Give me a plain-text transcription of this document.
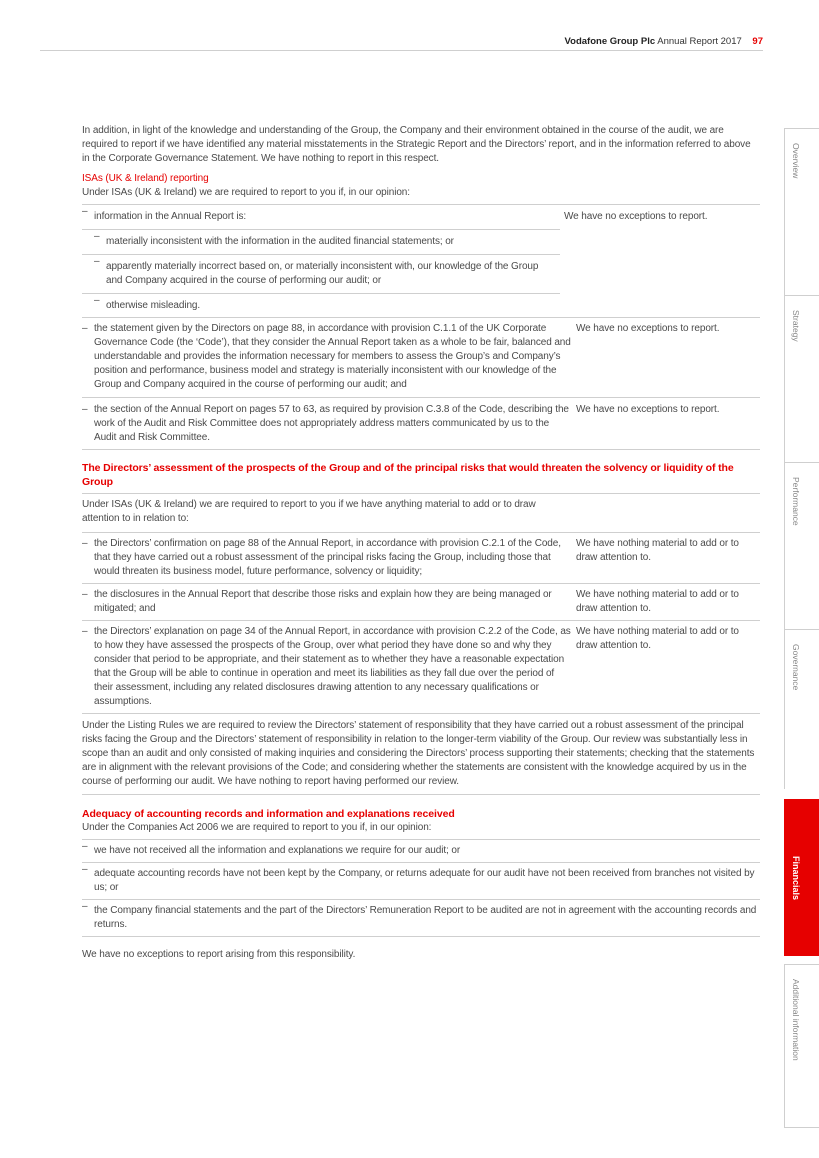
Vodafone Group Plc Annual Report 2017 97

In addition, in light of the knowledge and understanding of the Group, the Company and their environment obtained in the course of the audit, we are required to report if we have identified any material misstatements in the Strategic Report and the Directors’ report, and in the information referred to above in the Corporate Governance Statement. We have nothing to report in this respect.

ISAs (UK & Ireland) reporting

Under ISAs (UK & Ireland) we are required to report to you if, in our opinion:

– information in the Annual Report is:
– materially inconsistent with the information in the audited financial statements; or
– apparently materially incorrect based on, or materially inconsistent with, our knowledge of the Group and Company acquired in the course of performing our audit; or
– otherwise misleading.
We have no exceptions to report.
– the statement given by the Directors on page 88, in accordance with provision C.1.1 of the UK Corporate Governance Code (the ‘Code’), that they consider the Annual Report taken as a whole to be fair, balanced and understandable and provides the information necessary for members to assess the Group’s and Company’s position and performance, business model and strategy is materially inconsistent with our knowledge of the Group and Company acquired in the course of performing our audit; and
We have no exceptions to report.
– the section of the Annual Report on pages 57 to 63, as required by provision C.3.8 of the Code, describing the work of the Audit and Risk Committee does not appropriately address matters communicated by us to the Audit and Risk Committee.
We have no exceptions to report.

The Directors’ assessment of the prospects of the Group and of the principal risks that would threaten the solvency or liquidity of the Group

Under ISAs (UK & Ireland) we are required to report to you if we have anything material to add or to draw attention to in relation to:

– the Directors’ confirmation on page 88 of the Annual Report, in accordance with provision C.2.1 of the Code, that they have carried out a robust assessment of the principal risks facing the Group, including those that would threaten its business model, future performance, solvency or liquidity;
We have nothing material to add or to draw attention to.
– the disclosures in the Annual Report that describe those risks and explain how they are being managed or mitigated; and
We have nothing material to add or to draw attention to.
– the Directors’ explanation on page 34 of the Annual Report, in accordance with provision C.2.2 of the Code, as to how they have assessed the prospects of the Group, over what period they have done so and why they consider that period to be appropriate, and their statement as to whether they have a reasonable expectation that the Group will be able to continue in operation and meet its liabilities as they fall due over the period of their assessment, including any related disclosures drawing attention to any necessary qualifications or assumptions.
We have nothing material to add or to draw attention to.

Under the Listing Rules we are required to review the Directors’ statement of responsibility that they have carried out a robust assessment of the principal risks facing the Group and the Directors’ statement of responsibility in relation to the longer-term viability of the Group. Our review was substantially less in scope than an audit and only consisted of making inquiries and considering the Directors’ process supporting their statements; checking that the statements are in alignment with the relevant provisions of the Code; and considering whether the statements are consistent with the knowledge acquired by us in the course of performing our audit. We have nothing to report having performed our review.

Adequacy of accounting records and information and explanations received

Under the Companies Act 2006 we are required to report to you if, in our opinion:

– we have not received all the information and explanations we require for our audit; or
– adequate accounting records have not been kept by the Company, or returns adequate for our audit have not been received from branches not visited by us; or
– the Company financial statements and the part of the Directors’ Remuneration Report to be audited are not in agreement with the accounting records and returns.

We have no exceptions to report arising from this responsibility.

Overview
Strategy
Performance
Governance
Financials
Additional information
